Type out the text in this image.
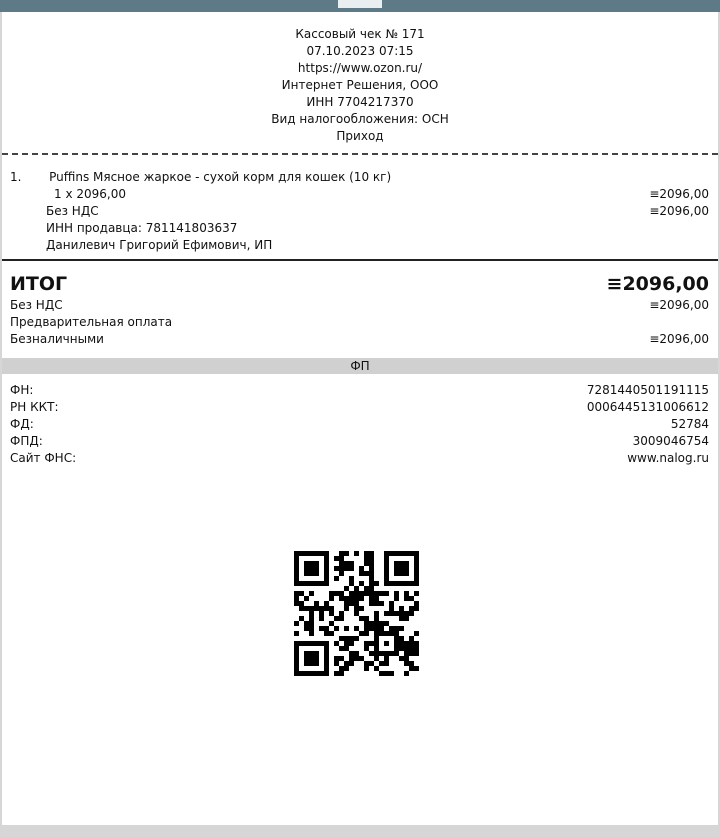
Кассовый чек № 171
07.10.2023 07:15
https://www.ozon.ru/
Интернет Решения, ООО
ИНН 7704217370
Вид налогообложения: ОСН
Приход
1. Puffins Мясное жаркое - сухой корм для кошек (10 кг)
1 x 2096,00	≡2096,00
Без НДС	≡2096,00
ИНН продавца: 781141803637
Данилевич Григорий Ефимович, ИП
ИТОГ	≡2096,00
Без НДС	≡2096,00
Предварительная оплата
Безналичными	≡2096,00
ФП
ФН:	7281440501191115
РН ККТ:	0006445131006612
ФД:	52784
ФПД:	3009046754
Сайт ФНС:	www.nalog.ru
